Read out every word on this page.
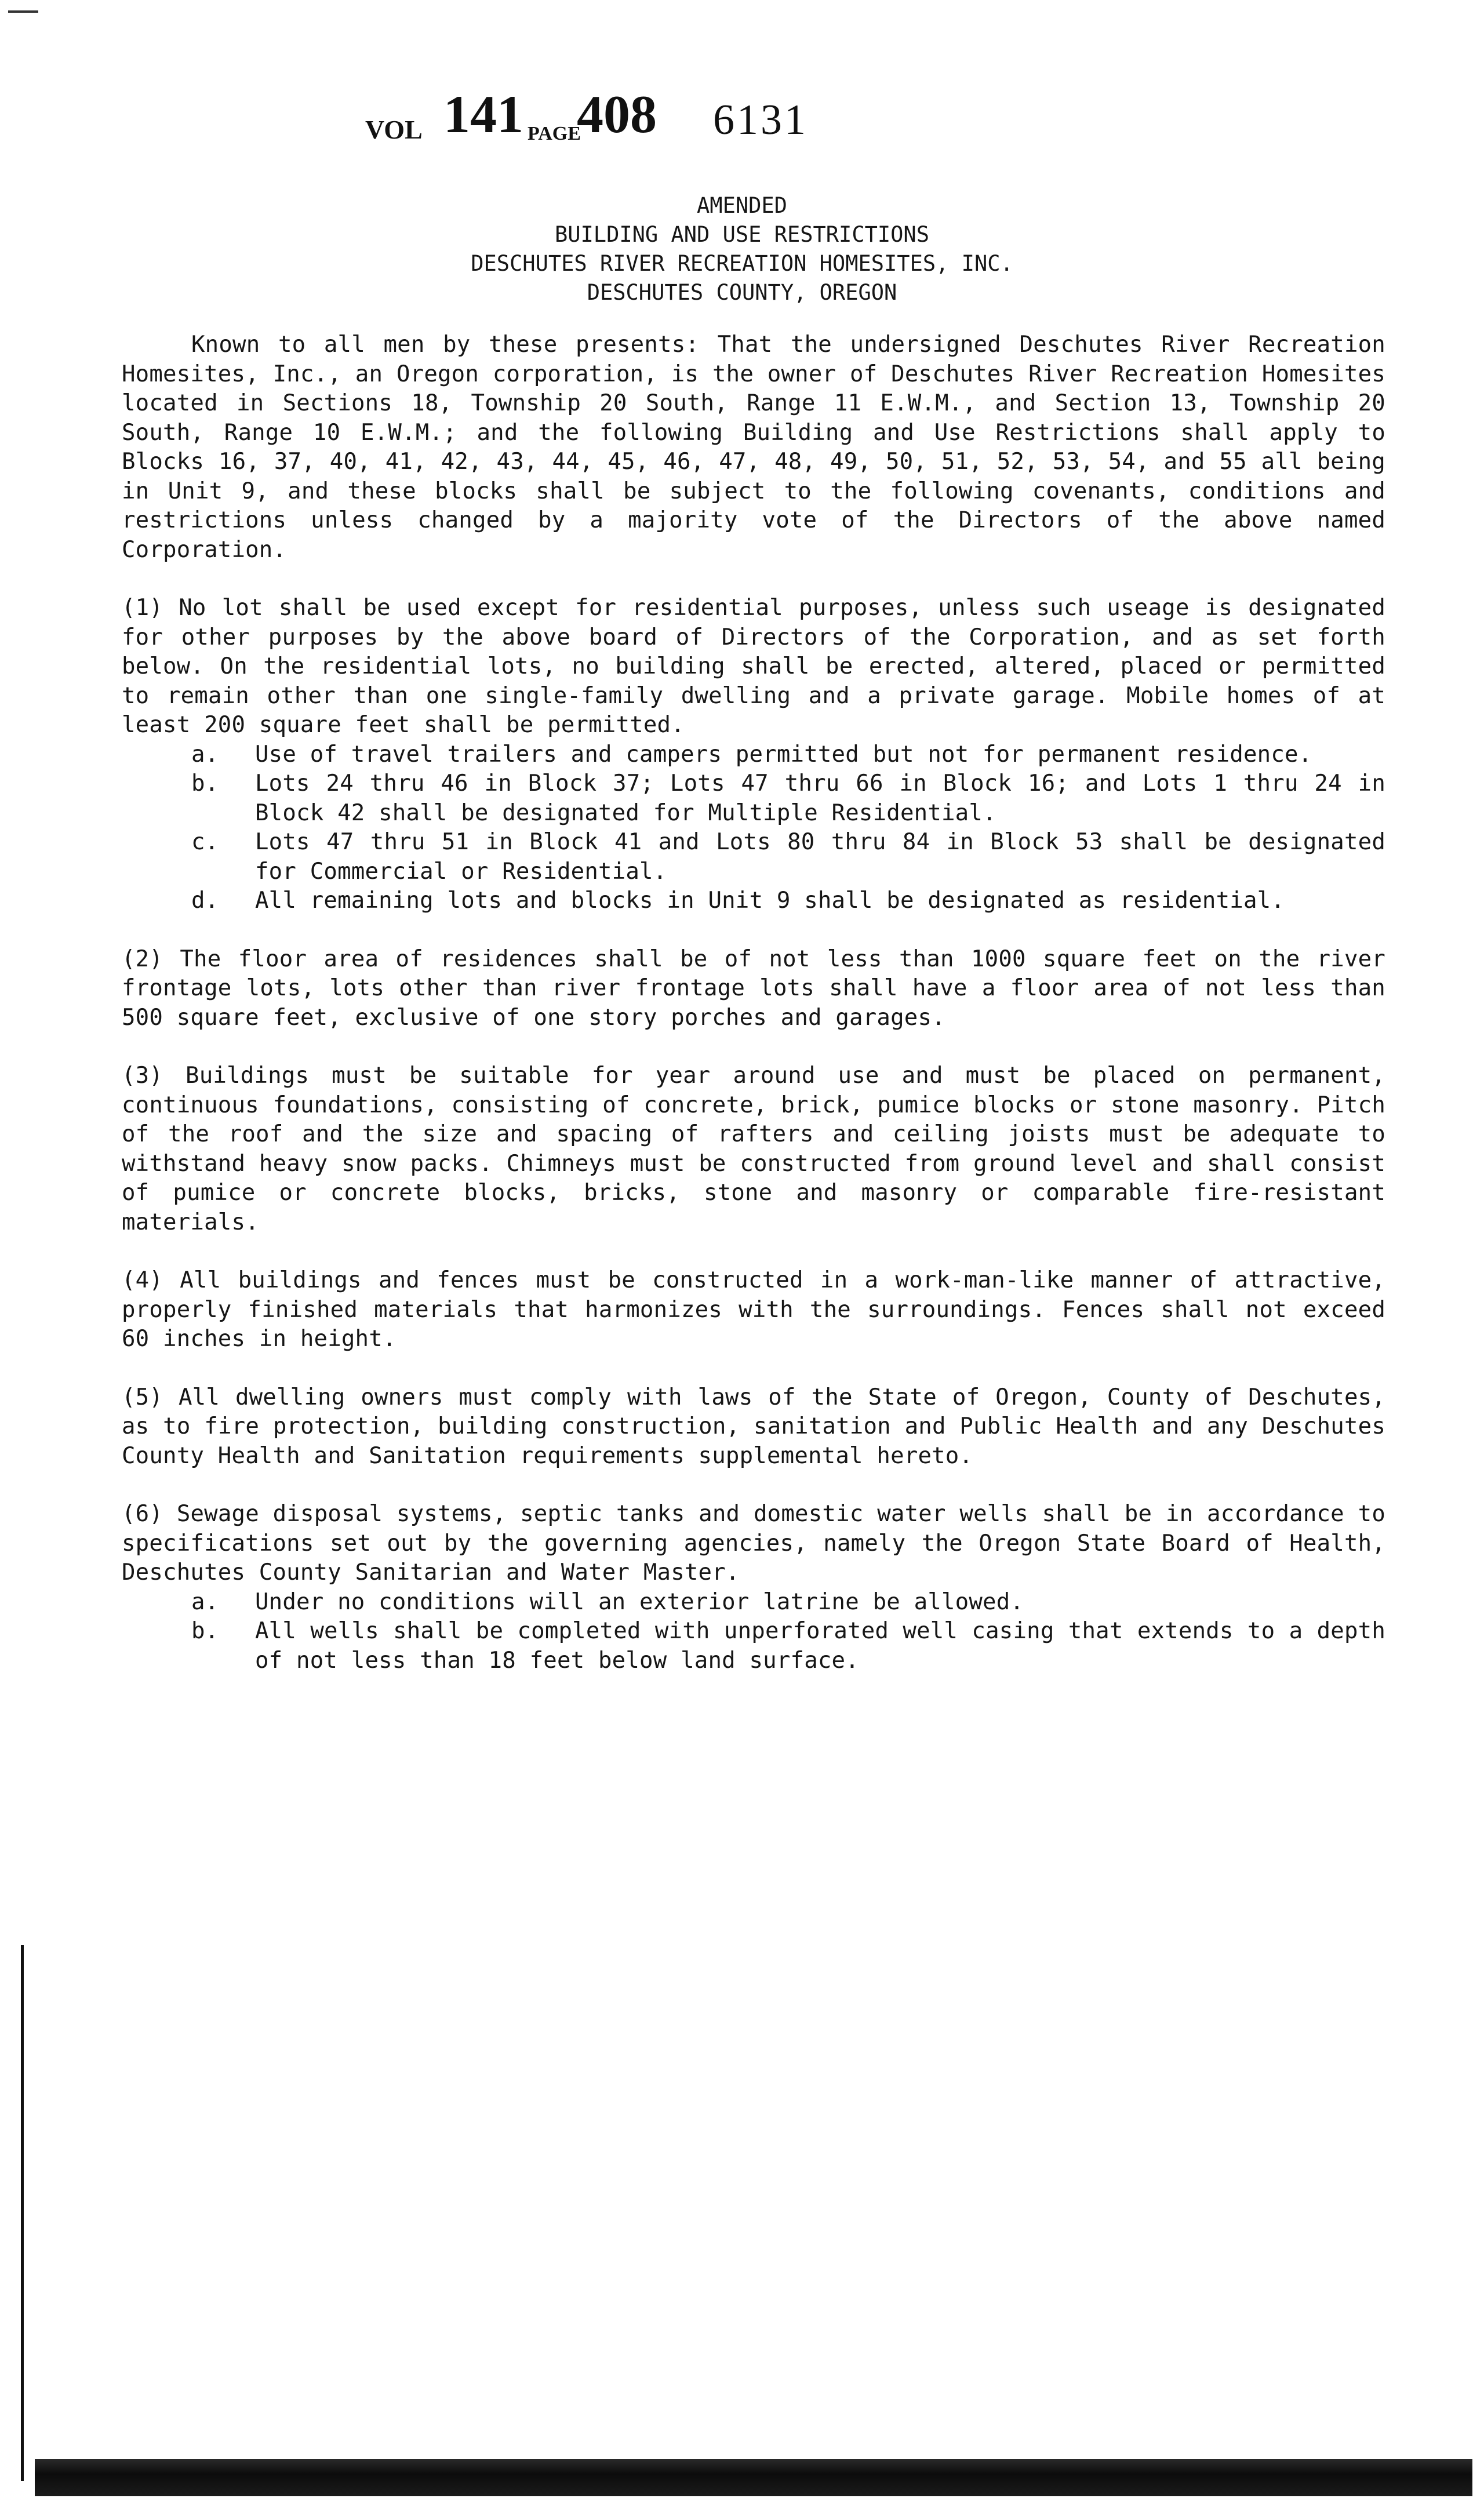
VOL 141 PAGE
408 6131
AMENDED
BUILDING AND USE RESTRICTIONS
DESCHUTES RIVER RECREATION HOMESITES, INC.
DESCHUTES COUNTY, OREGON

Known to all men by these presents: That the undersigned Deschutes River Recreation Homesites, Inc., an Oregon corporation, is the owner of Deschutes River Recreation Homesites located in Sections 18, Township 20 South, Range 11 E.W.M., and Section 13, Township 20 South, Range 10 E.W.M.; and the following Building and Use Restrictions shall apply to Blocks 16, 37, 40, 41, 42, 43, 44, 45, 46, 47, 48, 49, 50, 51, 52, 53, 54, and 55 all being in Unit 9, and these blocks shall be subject to the following covenants, conditions and restrictions unless changed by a majority vote of the Directors of the above named Corporation.

(1) No lot shall be used except for residential purposes, unless such useage is designated for other purposes by the above board of Directors of the Corporation, and as set forth below. On the residential lots, no building shall be erected, altered, placed or permitted to remain other than one single-family dwelling and a private garage. Mobile homes of at least 200 square feet shall be permitted.

a.	Use of travel trailers and campers permitted but not for permanent residence.
b.	Lots 24 thru 46 in Block 37; Lots 47 thru 66 in Block 16; and Lots 1 thru 24 in Block 42 shall be designated for Multiple Residential.
c.	Lots 47 thru 51 in Block 41 and Lots 80 thru 84 in Block 53 shall be designated for Commercial or Residential.
d.	All remaining lots and blocks in Unit 9 shall be designated as residential.

(2) The floor area of residences shall be of not less than 1000 square feet on the river frontage lots, lots other than river frontage lots shall have a floor area of not less than 500 square feet, exclusive of one story porches and garages.

(3) Buildings must be suitable for year around use and must be placed on permanent, continuous foundations, consisting of concrete, brick, pumice blocks or stone masonry. Pitch of the roof and the size and spacing of rafters and ceiling joists must be adequate to withstand heavy snow packs. Chimneys must be constructed from ground level and shall consist of pumice or concrete blocks, bricks, stone and masonry or comparable fire-resistant materials.

(4) All buildings and fences must be constructed in a work-man-like manner of attractive, properly finished materials that harmonizes with the surroundings. Fences shall not exceed 60 inches in height.

(5) All dwelling owners must comply with laws of the State of Oregon, County of Deschutes, as to fire protection, building construction, sanitation and Public Health and any Deschutes County Health and Sanitation requirements supplemental hereto.

(6) Sewage disposal systems, septic tanks and domestic water wells shall be in accordance to specifications set out by the governing agencies, namely the Oregon State Board of Health, Deschutes County Sanitarian and Water Master.

a.	Under no conditions will an exterior latrine be allowed.
b.	All wells shall be completed with unperforated well casing that extends to a depth of not less than 18 feet below land surface.
